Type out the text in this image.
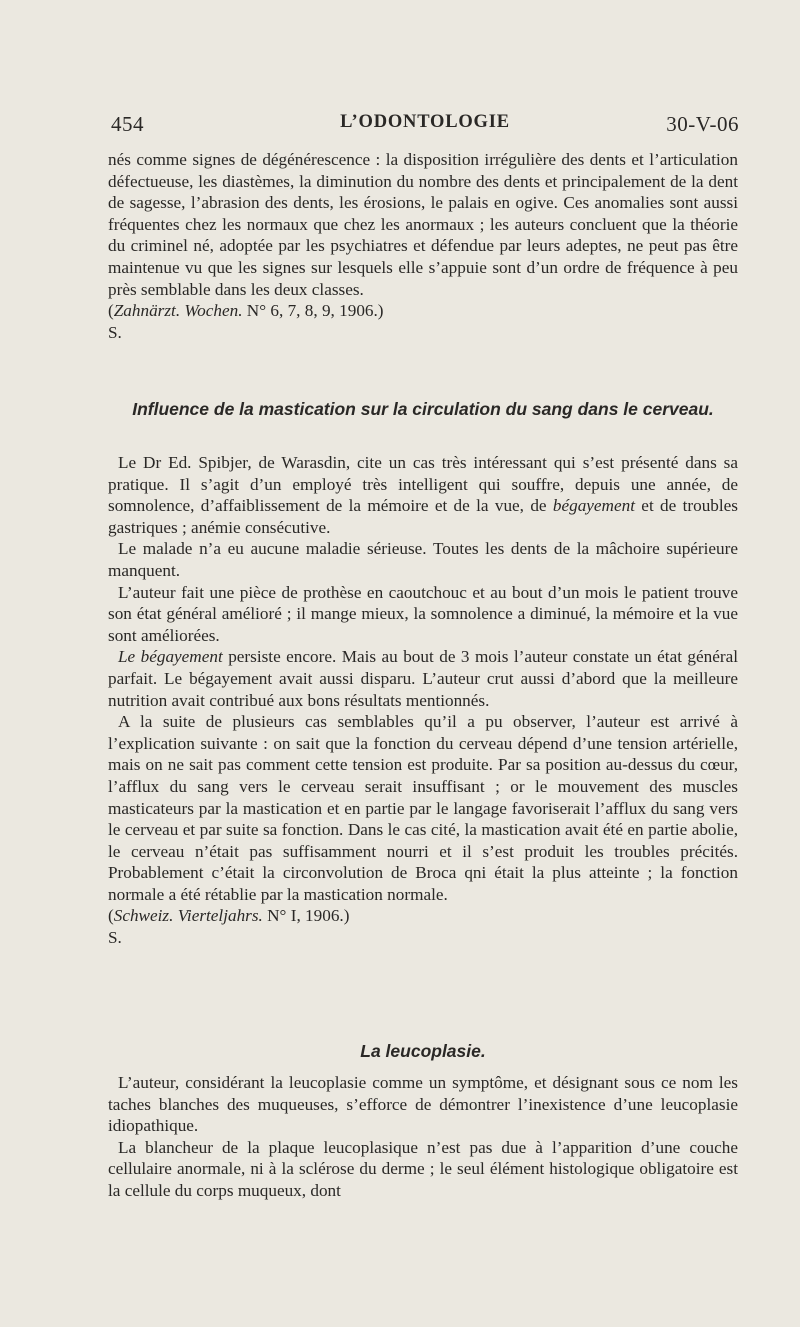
454	L’ODONTOLOGIE	30-V-06

nés comme signes de dégénérescence : la disposition irrégulière des dents et l’articulation défectueuse, les diastèmes, la diminution du nombre des dents et principalement de la dent de sagesse, l’abrasion des dents, les érosions, le palais en ogive. Ces anomalies sont aussi fréquentes chez les normaux que chez les anormaux ; les auteurs concluent que la théorie du criminel né, adoptée par les psychiatres et défendue par leurs adeptes, ne peut pas être maintenue vu que les signes sur lesquels elle s’appuie sont d’un ordre de fréquence à peu près semblable dans les deux classes.

(Zahnärzt. Wochen. N° 6, 7, 8, 9, 1906.)

S.

Influence de la mastication sur la circulation du sang dans le cerveau.

Le Dr Ed. Spibjer, de Warasdin, cite un cas très intéressant qui s’est présenté dans sa pratique. Il s’agit d’un employé très intelligent qui souffre, depuis une année, de somnolence, d’affaiblissement de la mémoire et de la vue, de bégayement et de troubles gastriques ; anémie consécutive.

Le malade n’a eu aucune maladie sérieuse. Toutes les dents de la mâchoire supérieure manquent.

L’auteur fait une pièce de prothèse en caoutchouc et au bout d’un mois le patient trouve son état général amélioré ; il mange mieux, la somnolence a diminué, la mémoire et la vue sont améliorées.

Le bégayement persiste encore. Mais au bout de 3 mois l’auteur constate un état général parfait. Le bégayement avait aussi disparu. L’auteur crut aussi d’abord que la meilleure nutrition avait contribué aux bons résultats mentionnés.

A la suite de plusieurs cas semblables qu’il a pu observer, l’auteur est arrivé à l’explication suivante : on sait que la fonction du cerveau dépend d’une tension artérielle, mais on ne sait pas comment cette tension est produite. Par sa position au-dessus du cœur, l’afflux du sang vers le cerveau serait insuffisant ; or le mouvement des muscles masticateurs par la mastication et en partie par le langage favoriserait l’afflux du sang vers le cerveau et par suite sa fonction. Dans le cas cité, la mastication avait été en partie abolie, le cerveau n’était pas suffisamment nourri et il s’est produit les troubles précités. Probablement c’était la circonvolution de Broca qni était la plus atteinte ; la fonction normale a été rétablie par la mastication normale.

(Schweiz. Vierteljahrs. N° I, 1906.)

S.

La leucoplasie.

L’auteur, considérant la leucoplasie comme un symptôme, et désignant sous ce nom les taches blanches des muqueuses, s’efforce de démontrer l’inexistence d’une leucoplasie idiopathique.

La blancheur de la plaque leucoplasique n’est pas due à l’apparition d’une couche cellulaire anormale, ni à la sclérose du derme ; le seul élément histologique obligatoire est la cellule du corps muqueux, dont
